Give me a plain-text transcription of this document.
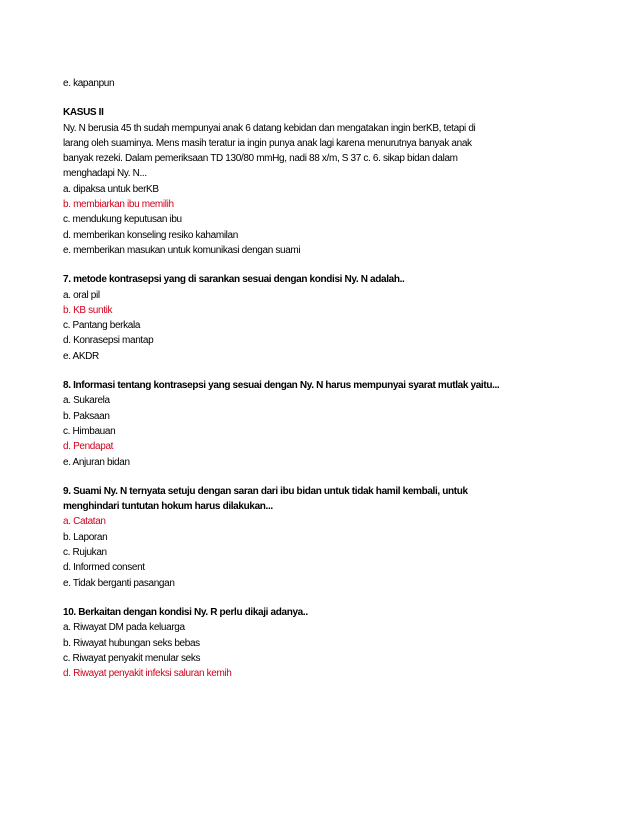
e. kapanpun
KASUS II
Ny. N berusia 45 th sudah mempunyai anak 6 datang kebidan dan mengatakan ingin berKB, tetapi di
larang oleh suaminya. Mens masih teratur ia ingin punya anak lagi karena menurutnya banyak anak
banyak rezeki. Dalam pemeriksaan TD 130/80 mmHg, nadi 88 x/m, S 37 c. 6. sikap bidan dalam
menghadapi Ny. N...
a. dipaksa untuk berKB
b. membiarkan ibu memilih
c. mendukung keputusan ibu
d. memberikan konseling resiko kahamilan
e. memberikan masukan untuk komunikasi dengan suami
7. metode kontrasepsi yang di sarankan sesuai dengan kondisi Ny. N adalah..
a. oral pil
b. KB suntik
c. Pantang berkala
d. Konrasepsi mantap
e. AKDR
8. Informasi tentang kontrasepsi yang sesuai dengan Ny. N harus mempunyai syarat mutlak yaitu...
a. Sukarela
b. Paksaan
c. Himbauan
d. Pendapat
e. Anjuran bidan
9. Suami Ny. N ternyata setuju dengan saran dari ibu bidan untuk tidak hamil kembali, untuk
menghindari tuntutan hokum harus dilakukan...
a. Catatan
b. Laporan
c. Rujukan
d. Informed consent
e. Tidak berganti pasangan
10. Berkaitan dengan kondisi Ny. R perlu dikaji adanya..
a. Riwayat DM pada keluarga
b. Riwayat hubungan seks bebas
c. Riwayat penyakit menular seks
d. Riwayat penyakit infeksi saluran kemih
